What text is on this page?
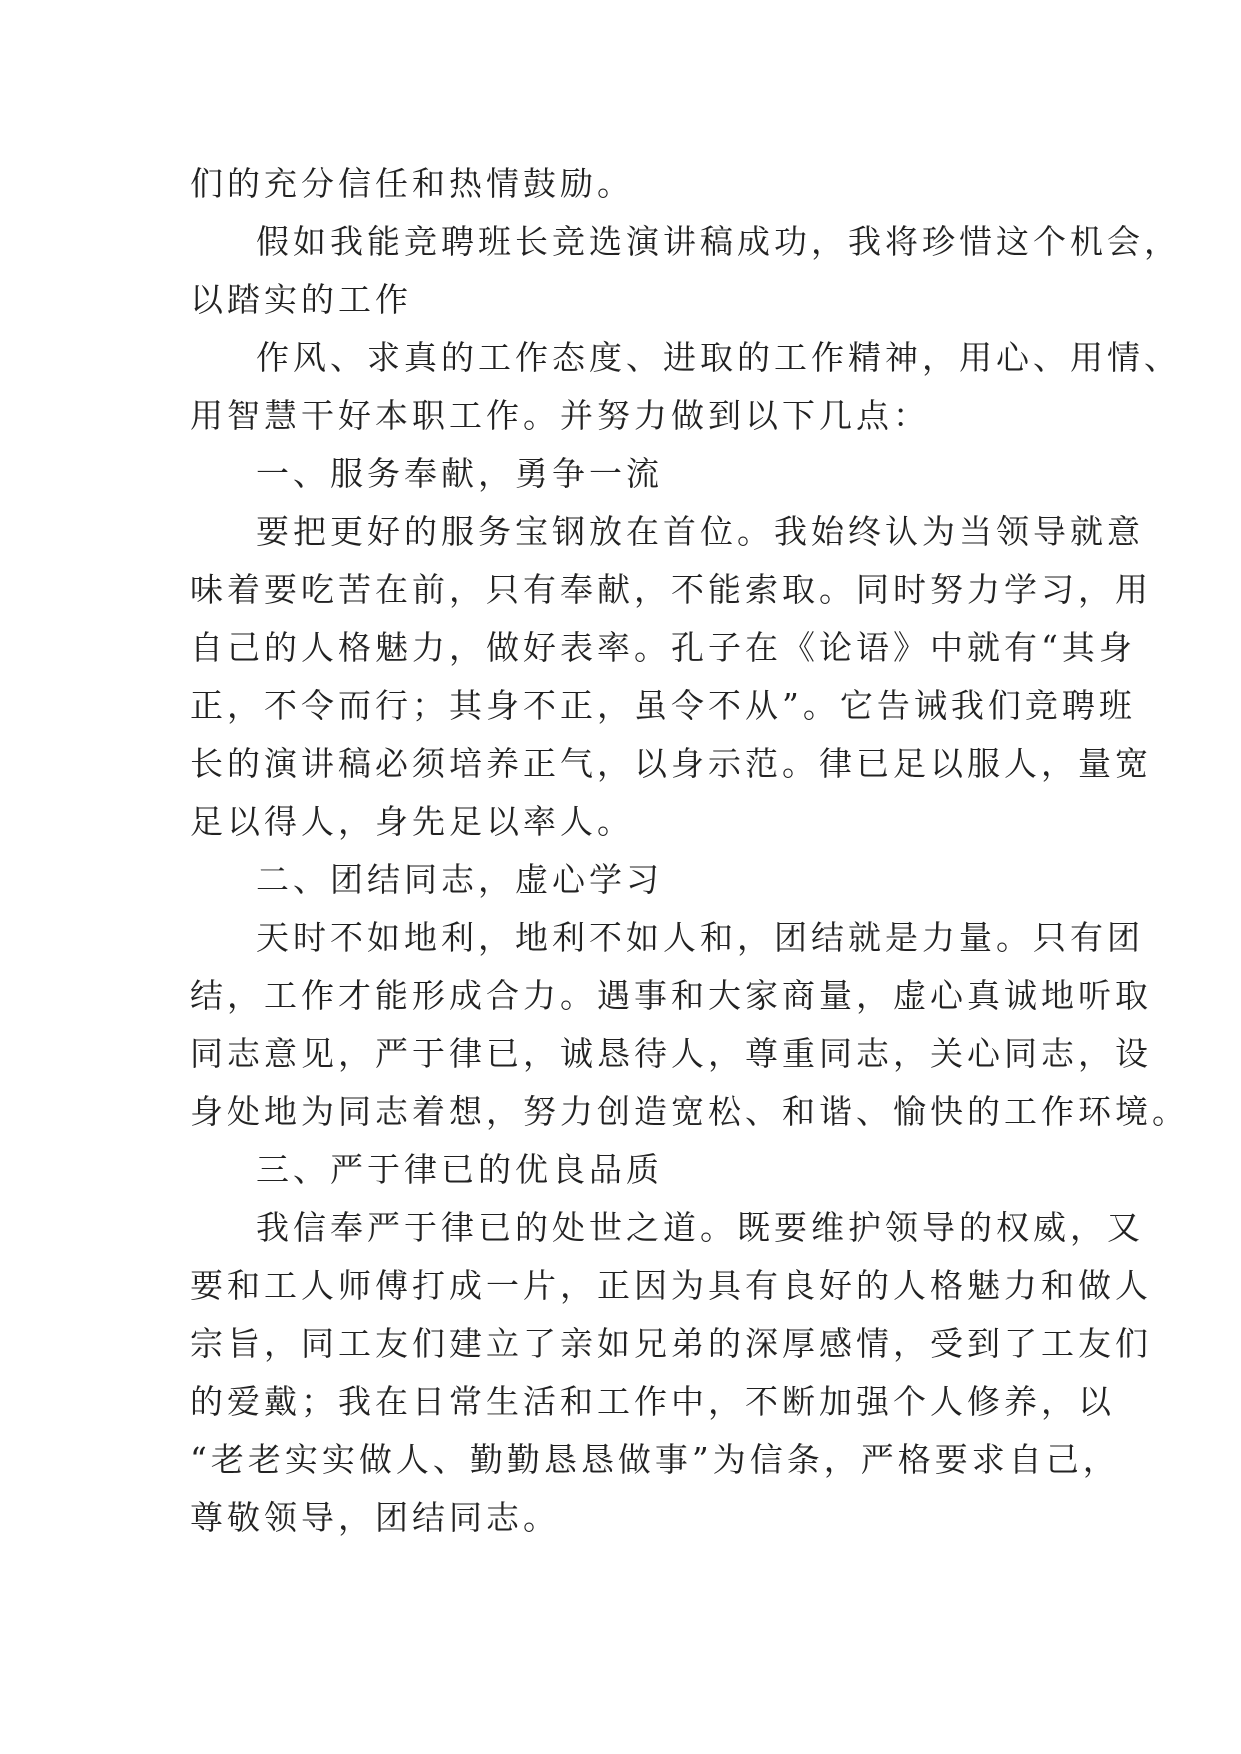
们的充分信任和热情鼓励。
假如我能竞聘班长竞选演讲稿成功，我将珍惜这个机会，
以踏实的工作
作风、求真的工作态度、进取的工作精神，用心、用情、
用智慧干好本职工作。并努力做到以下几点：
一、服务奉献，勇争一流
要把更好的服务宝钢放在首位。我始终认为当领导就意
味着要吃苦在前，只有奉献，不能索取。同时努力学习，用
自己的人格魅力，做好表率。孔子在《论语》中就有“其身
正，不令而行；其身不正，虽令不从”。它告诫我们竞聘班
长的演讲稿必须培养正气，以身示范。律已足以服人，量宽
足以得人，身先足以率人。
二、团结同志，虚心学习
天时不如地利，地利不如人和，团结就是力量。只有团
结，工作才能形成合力。遇事和大家商量，虚心真诚地听取
同志意见，严于律已，诚恳待人，尊重同志，关心同志，设
身处地为同志着想，努力创造宽松、和谐、愉快的工作环境。
三、严于律已的优良品质
我信奉严于律已的处世之道。既要维护领导的权威，又
要和工人师傅打成一片，正因为具有良好的人格魅力和做人
宗旨，同工友们建立了亲如兄弟的深厚感情，受到了工友们
的爱戴；我在日常生活和工作中，不断加强个人修养，以
“老老实实做人、勤勤恳恳做事”为信条，严格要求自己，
尊敬领导，团结同志。
